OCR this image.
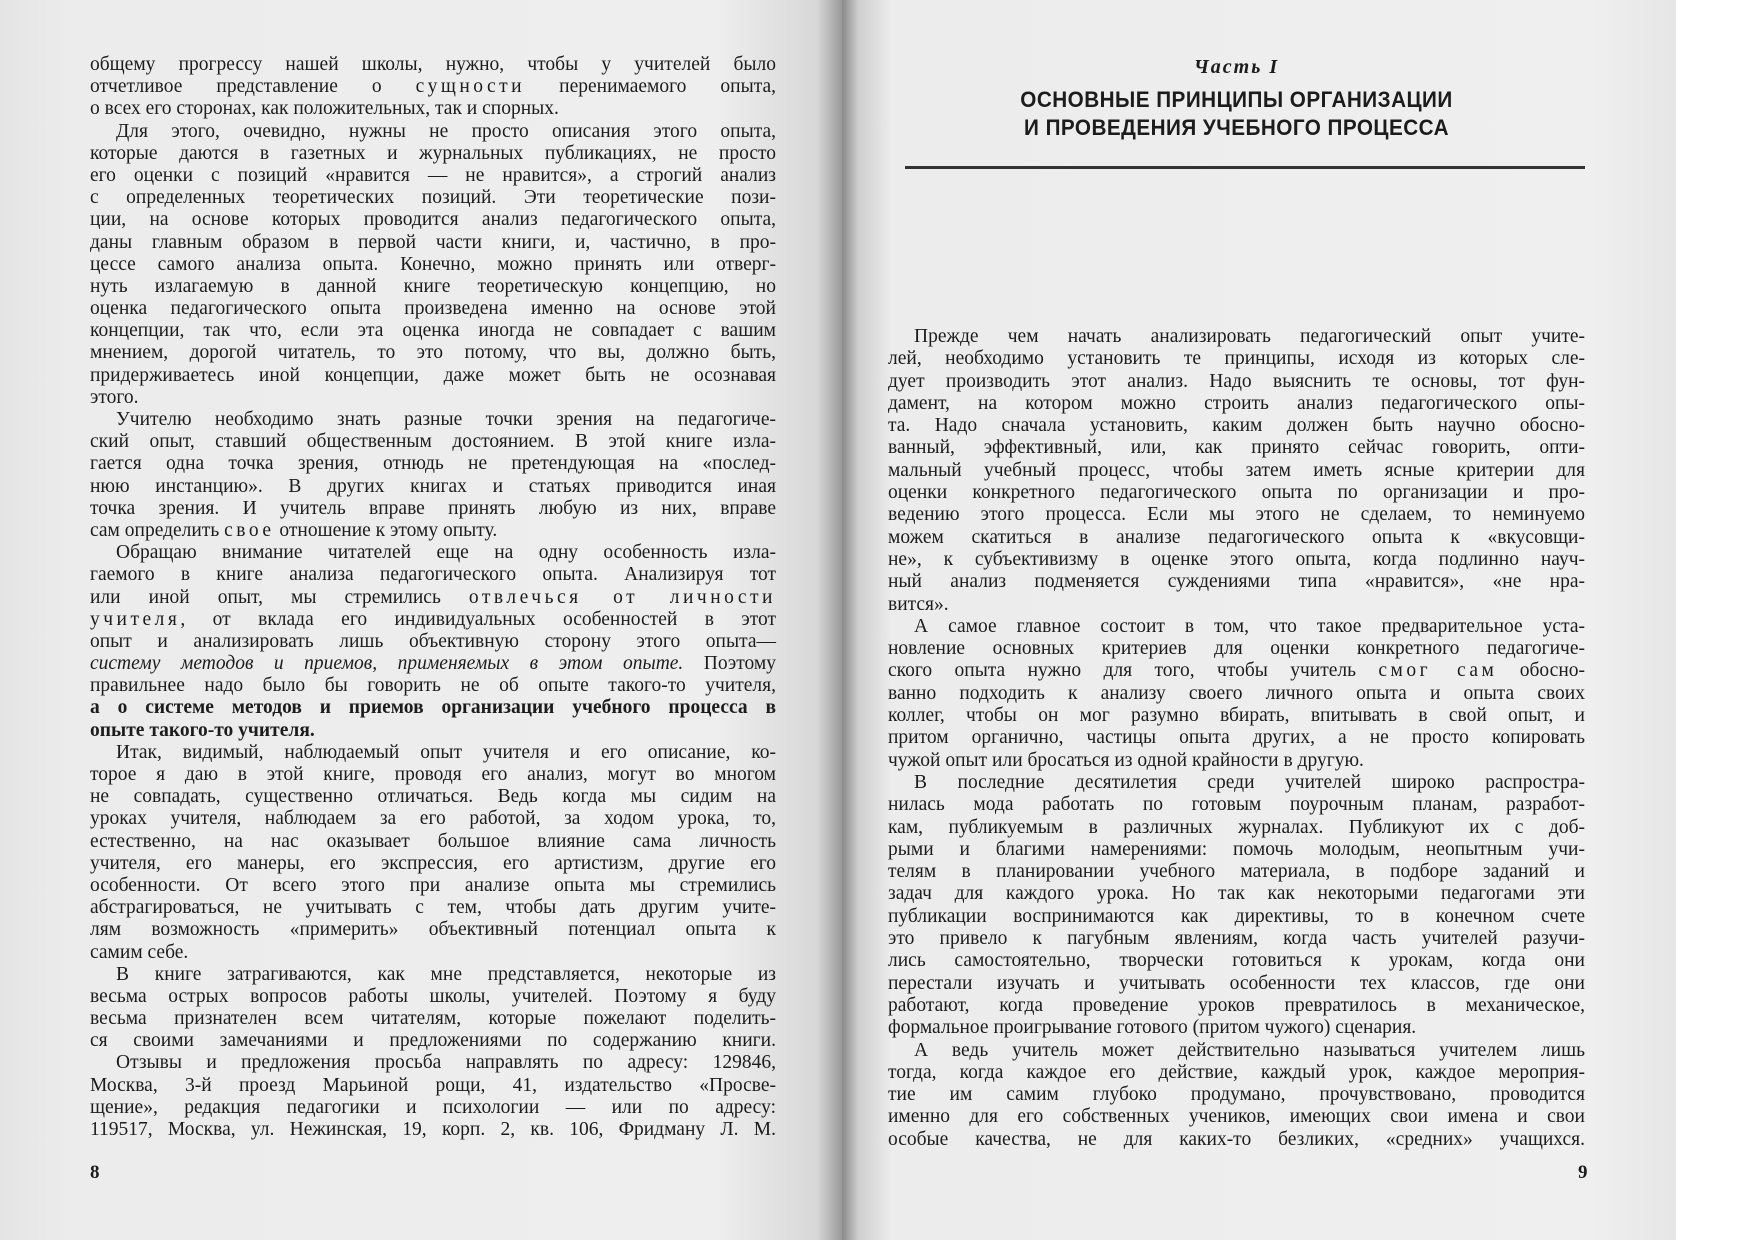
общему прогрессу нашей школы, нужно, чтобы у учителей было
отчетливое представление о сущности перенимаемого опыта,
о всех его сторонах, как положительных, так и спорных.
Для этого, очевидно, нужны не просто описания этого опыта,
которые даются в газетных и журнальных публикациях, не просто
его оценки с позиций «нравится — не нравится», а строгий анализ
с определенных теоретических позиций. Эти теоретические пози-
ции, на основе которых проводится анализ педагогического опыта,
даны главным образом в первой части книги, и, частично, в про-
цессе самого анализа опыта. Конечно, можно принять или отверг-
нуть излагаемую в данной книге теоретическую концепцию, но
оценка педагогического опыта произведена именно на основе этой
концепции, так что, если эта оценка иногда не совпадает с вашим
мнением, дорогой читатель, то это потому, что вы, должно быть,
придерживаетесь иной концепции, даже может быть не осознавая
этого.
Учителю необходимо знать разные точки зрения на педагогиче-
ский опыт, ставший общественным достоянием. В этой книге изла-
гается одна точка зрения, отнюдь не претендующая на «послед-
нюю инстанцию». В других книгах и статьях приводится иная
точка зрения. И учитель вправе принять любую из них, вправе
сам определить свое отношение к этому опыту.
Обращаю внимание читателей еще на одну особенность изла-
гаемого в книге анализа педагогического опыта. Анализируя тот
или иной опыт, мы стремились отвлечься от личности
учителя, от вклада его индивидуальных особенностей в этот
опыт и анализировать лишь объективную сторону этого опыта—
систему методов и приемов, применяемых в этом опыте. Поэтому
правильнее надо было бы говорить не об опыте такого-то учителя,
а о системе методов и приемов организации учебного процесса в
опыте такого-то учителя.
Итак, видимый, наблюдаемый опыт учителя и его описание, ко-
торое я даю в этой книге, проводя его анализ, могут во многом
не совпадать, существенно отличаться. Ведь когда мы сидим на
уроках учителя, наблюдаем за его работой, за ходом урока, то,
естественно, на нас оказывает большое влияние сама личность
учителя, его манеры, его экспрессия, его артистизм, другие его
особенности. От всего этого при анализе опыта мы стремились
абстрагироваться, не учитывать с тем, чтобы дать другим учите-
лям возможность «примерить» объективный потенциал опыта к
самим себе.
В книге затрагиваются, как мне представляется, некоторые из
весьма острых вопросов работы школы, учителей. Поэтому я буду
весьма признателен всем читателям, которые пожелают поделить-
ся своими замечаниями и предложениями по содержанию книги.
Отзывы и предложения просьба направлять по адресу: 129846,
Москва, 3-й проезд Марьиной рощи, 41, издательство «Просве-
щение», редакция педагогики и психологии — или по адресу:
119517, Москва, ул. Нежинская, 19, корп. 2, кв. 106, Фридману Л. М.
8
Часть I
ОСНОВНЫЕ ПРИНЦИПЫ ОРГАНИЗАЦИИ
И ПРОВЕДЕНИЯ УЧЕБНОГО ПРОЦЕССА
Прежде чем начать анализировать педагогический опыт учите-
лей, необходимо установить те принципы, исходя из которых сле-
дует производить этот анализ. Надо выяснить те основы, тот фун-
дамент, на котором можно строить анализ педагогического опы-
та. Надо сначала установить, каким должен быть научно обосно-
ванный, эффективный, или, как принято сейчас говорить, опти-
мальный учебный процесс, чтобы затем иметь ясные критерии для
оценки конкретного педагогического опыта по организации и про-
ведению этого процесса. Если мы этого не сделаем, то неминуемо
можем скатиться в анализе педагогического опыта к «вкусовщи-
не», к субъективизму в оценке этого опыта, когда подлинно науч-
ный анализ подменяется суждениями типа «нравится», «не нра-
вится».
А самое главное состоит в том, что такое предварительное уста-
новление основных критериев для оценки конкретного педагогиче-
ского опыта нужно для того, чтобы учитель смог сам обосно-
ванно подходить к анализу своего личного опыта и опыта своих
коллег, чтобы он мог разумно вбирать, впитывать в свой опыт, и
притом органично, частицы опыта других, а не просто копировать
чужой опыт или бросаться из одной крайности в другую.
В последние десятилетия среди учителей широко распростра-
нилась мода работать по готовым поурочным планам, разработ-
кам, публикуемым в различных журналах. Публикуют их с доб-
рыми и благими намерениями: помочь молодым, неопытным учи-
телям в планировании учебного материала, в подборе заданий и
задач для каждого урока. Но так как некоторыми педагогами эти
публикации воспринимаются как директивы, то в конечном счете
это привело к пагубным явлениям, когда часть учителей разучи-
лись самостоятельно, творчески готовиться к урокам, когда они
перестали изучать и учитывать особенности тех классов, где они
работают, когда проведение уроков превратилось в механическое,
формальное проигрывание готового (притом чужого) сценария.
А ведь учитель может действительно называться учителем лишь
тогда, когда каждое его действие, каждый урок, каждое мероприя-
тие им самим глубоко продумано, прочувствовано, проводится
именно для его собственных учеников, имеющих свои имена и свои
особые качества, не для каких-то безликих, «средних» учащихся.
9
